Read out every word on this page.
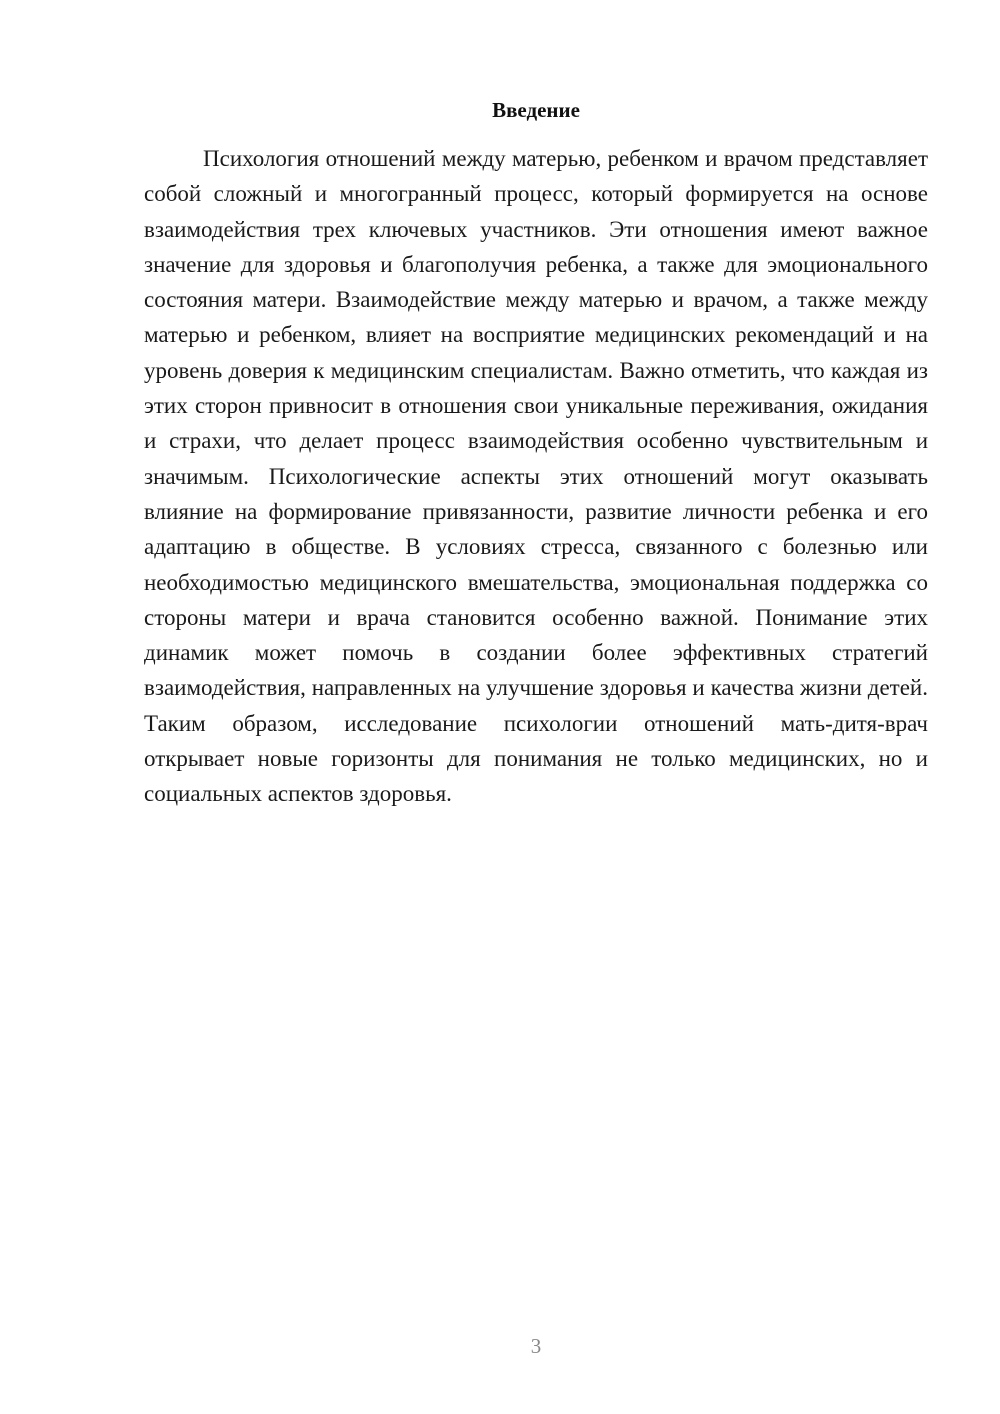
Введение

Психология отношений между матерью, ребенком и врачом представляет собой сложный и многогранный процесс, который формируется на основе взаимодействия трех ключевых участников. Эти отношения имеют важное значение для здоровья и благополучия ребенка, а также для эмоционального состояния матери. Взаимодействие между матерью и врачом, а также между матерью и ребенком, влияет на восприятие медицинских рекомендаций и на уровень доверия к медицинским специалистам. Важно отметить, что каждая из этих сторон привносит в отношения свои уникальные переживания, ожидания и страхи, что делает процесс взаимодействия особенно чувствительным и значимым. Психологические аспекты этих отношений могут оказывать влияние на формирование привязанности, развитие личности ребенка и его адаптацию в обществе. В условиях стресса, связанного с болезнью или необходимостью медицинского вмешательства, эмоциональная поддержка со стороны матери и врача становится особенно важной. Понимание этих динамик может помочь в создании более эффективных стратегий взаимодействия, направленных на улучшение здоровья и качества жизни детей. Таким образом, исследование психологии отношений мать-дитя-врач открывает новые горизонты для понимания не только медицинских, но и социальных аспектов здоровья.

3
